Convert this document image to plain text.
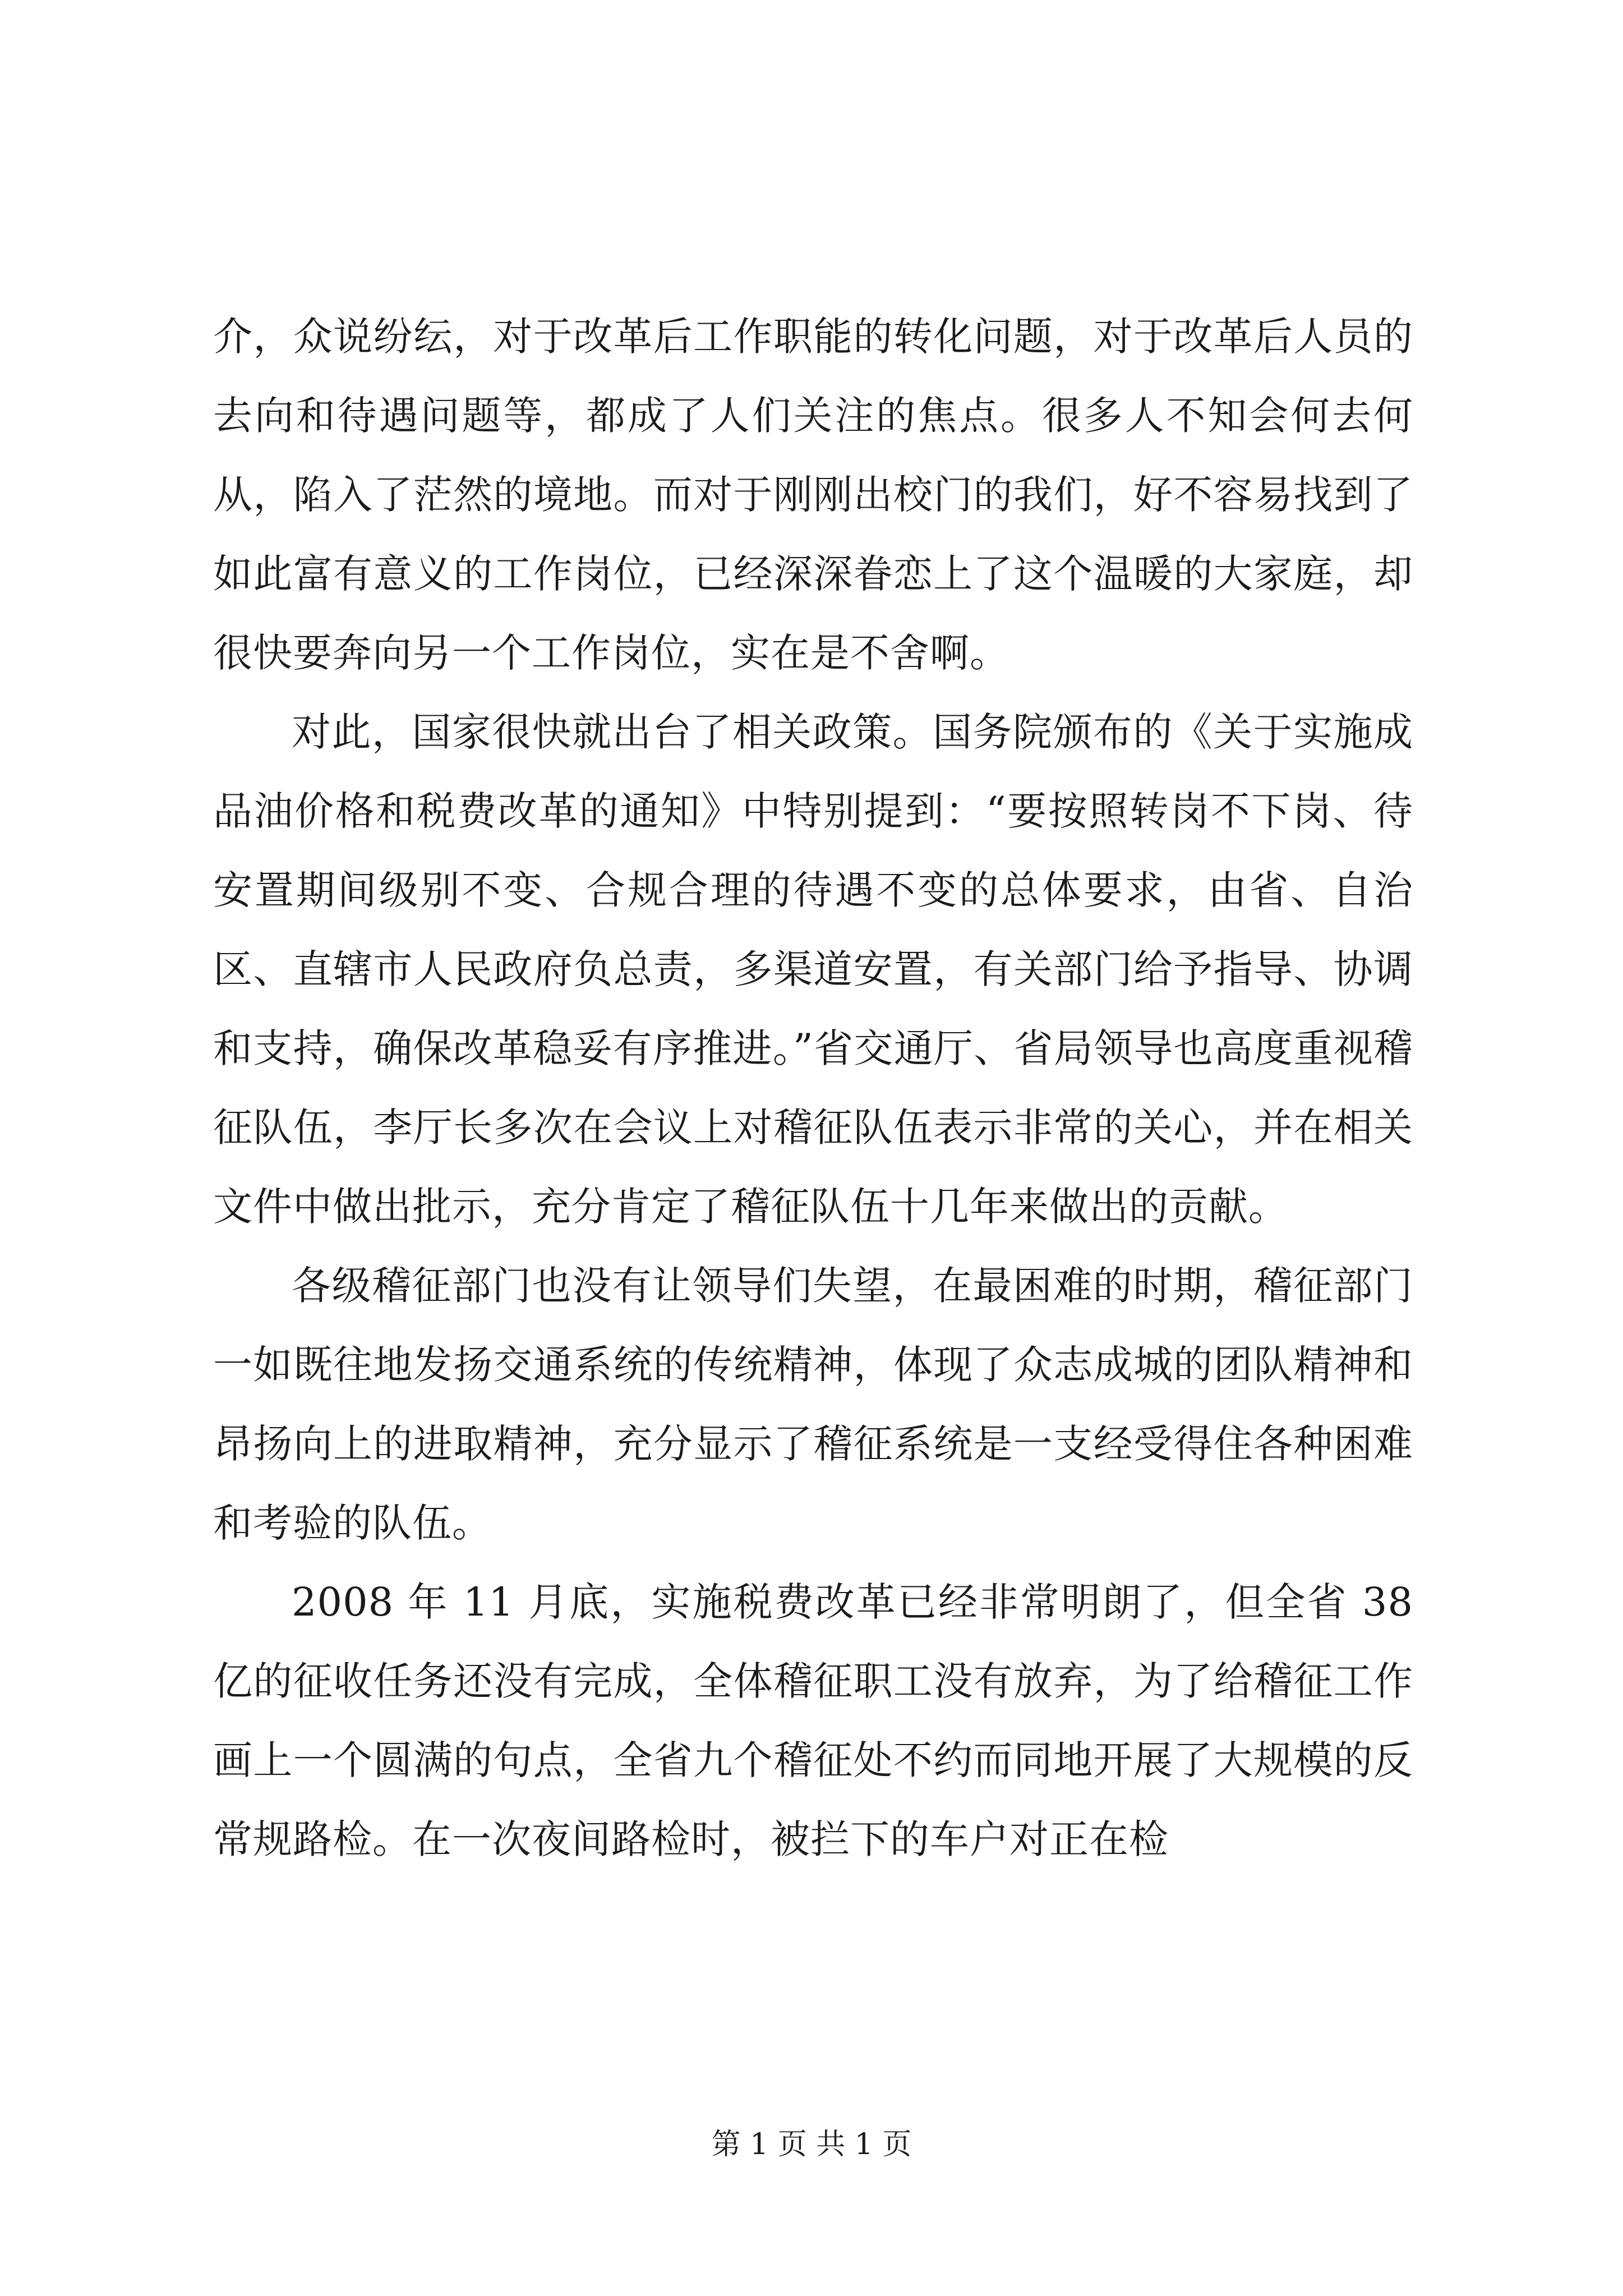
介，众说纷纭，对于改革后工作职能的转化问题，对于改革后人员的去向和待遇问题等，都成了人们关注的焦点。很多人不知会何去何从，陷入了茫然的境地。而对于刚刚出校门的我们，好不容易找到了如此富有意义的工作岗位，已经深深眷恋上了这个温暖的大家庭，却很快要奔向另一个工作岗位，实在是不舍啊。

对此，国家很快就出台了相关政策。国务院颁布的《关于实施成品油价格和税费改革的通知》中特别提到：“要按照转岗不下岗、待安置期间级别不变、合规合理的待遇不变的总体要求，由省、自治区、直辖市人民政府负总责，多渠道安置，有关部门给予指导、协调和支持，确保改革稳妥有序推进。”省交通厅、省局领导也高度重视稽征队伍，李厅长多次在会议上对稽征队伍表示非常的关心，并在相关文件中做出批示，充分肯定了稽征队伍十几年来做出的贡献。

各级稽征部门也没有让领导们失望，在最困难的时期，稽征部门一如既往地发扬交通系统的传统精神，体现了众志成城的团队精神和昂扬向上的进取精神，充分显示了稽征系统是一支经受得住各种困难和考验的队伍。

2008 年 11 月底，实施税费改革已经非常明朗了，但全省 38 亿的征收任务还没有完成，全体稽征职工没有放弃，为了给稽征工作画上一个圆满的句点，全省九个稽征处不约而同地开展了大规模的反常规路检。在一次夜间路检时，被拦下的车户对正在检

第 1 页 共 1 页
